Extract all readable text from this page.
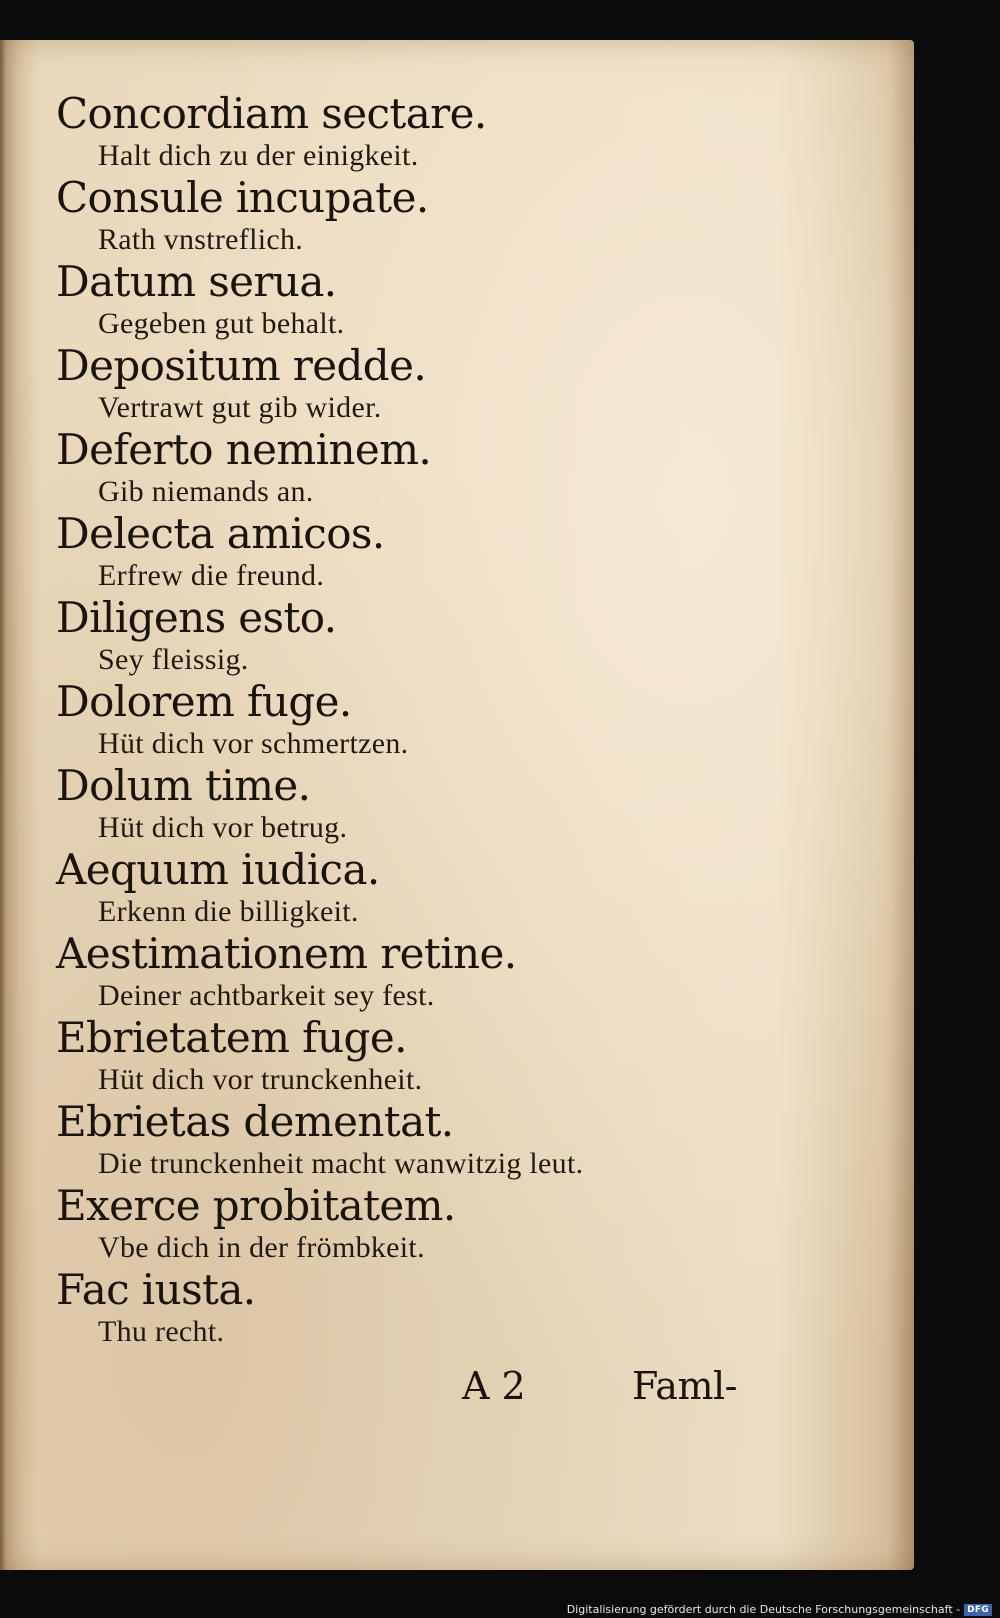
Concordiam sectare.
Halt dich zu der einigkeit.
Consule incupate.
Rath vnstreflich.
Datum serua.
Gegeben gut behalt.
Depositum redde.
Vertrawt gut gib wider.
Deferto neminem.
Gib niemands an.
Delecta amicos.
Erfrew die freund.
Diligens esto.
Sey fleissig.
Dolorem fuge.
Hüt dich vor schmertzen.
Dolum time.
Hüt dich vor betrug.
Aequum iudica.
Erkenn die billigkeit.
Aestimationem retine.
Deiner achtbarkeit sey fest.
Ebrietatem fuge.
Hüt dich vor trunckenheit.
Ebrietas dementat.
Die trunckenheit macht wanwitzig leut.
Exerce probitatem.
Vbe dich in der frömbkeit.
Fac iusta.
Thu recht.
A 2	Faml-
Digitalisierung gefördert durch die Deutsche Forschungsgemeinschaft - DFG
